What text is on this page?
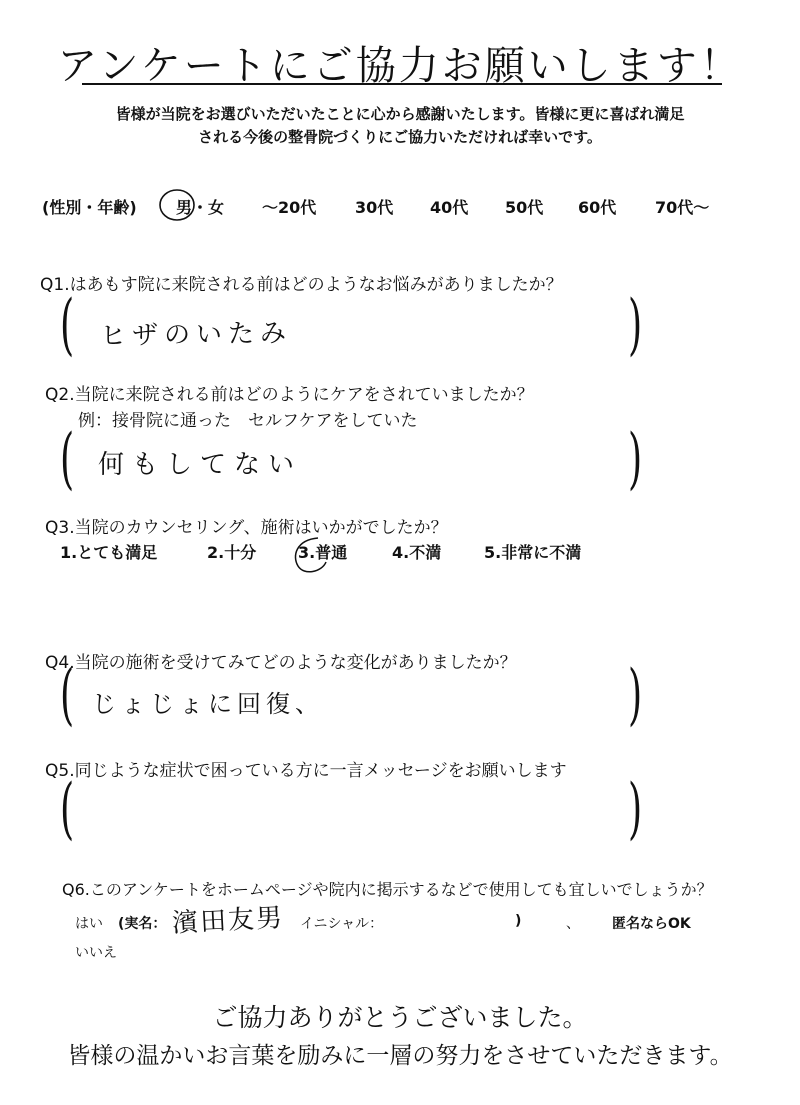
アンケートにご協力お願いします！
皆様が当院をお選びいただいたことに心から感謝いたします。皆様に更に喜ばれ満足
される今後の整骨院づくりにご協力いただければ幸いです。
(性別・年齢) 男・女 〜20代 30代 40代 50代 60代 70代〜
Q1.はあもす院に来院される前はどのようなお悩みがありましたか？
(	)
ヒザのいたみ
Q2.当院に来院される前はどのようにケアをされていましたか？
例：接骨院に通った　セルフケアをしていた
(	)
何もしてない
Q3.当院のカウンセリング、施術はいかがでしたか？
1.とても満足	2.十分	3.普通	4.不満	5.非常に不満
Q4.当院の施術を受けてみてどのような変化がありましたか？
(	)
じょじょに回復、
Q5.同じような症状で困っている方に一言メッセージをお願いします
(	)
Q6.このアンケートをホームページや院内に掲示するなどで使用しても宜しいでしょうか？
はい (実名： 濱田友男 イニシャル：	)	、 匿名ならOK
いいえ
ご協力ありがとうございました。
皆様の温かいお言葉を励みに一層の努力をさせていただきます。
